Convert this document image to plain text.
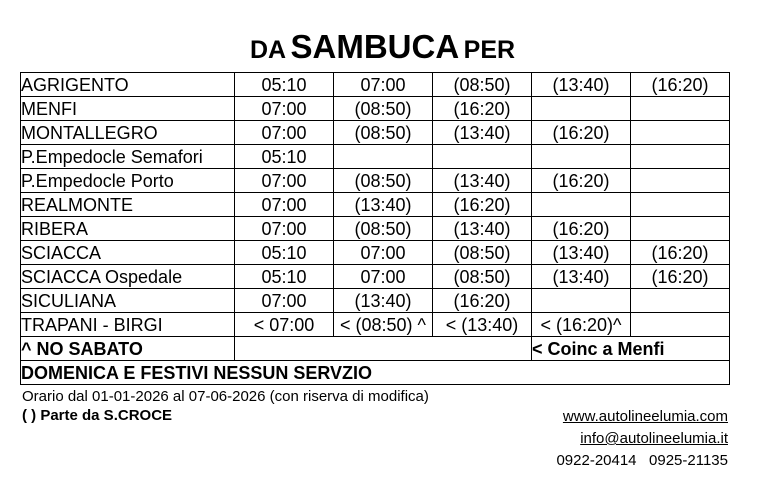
DA SAMBUCA PER
AGRIGENTO	05:10	07:00	(08:50)	(13:40)	(16:20)
MENFI	07:00	(08:50)	(16:20)		
MONTALLEGRO	07:00	(08:50)	(13:40)	(16:20)	
P.Empedocle Semafori	05:10				
P.Empedocle Porto	07:00	(08:50)	(13:40)	(16:20)	
REALMONTE	07:00	(13:40)	(16:20)		
RIBERA	07:00	(08:50)	(13:40)	(16:20)	
SCIACCA	05:10	07:00	(08:50)	(13:40)	(16:20)
SCIACCA Ospedale	05:10	07:00	(08:50)	(13:40)	(16:20)
SICULIANA	07:00	(13:40)	(16:20)		
TRAPANI - BIRGI	< 07:00	< (08:50) ^	< (13:40)	< (16:20)^	
^ NO SABATO				< Coinc a Menfi	
DOMENICA E FESTIVI NESSUN SERVZIO					
Orario dal 01-01-2026 al 07-06-2026 (con riserva di modifica)
( ) Parte da S.CROCE	www.autolineelumia.com
info@autolineelumia.it
0922-20414   0925-21135
